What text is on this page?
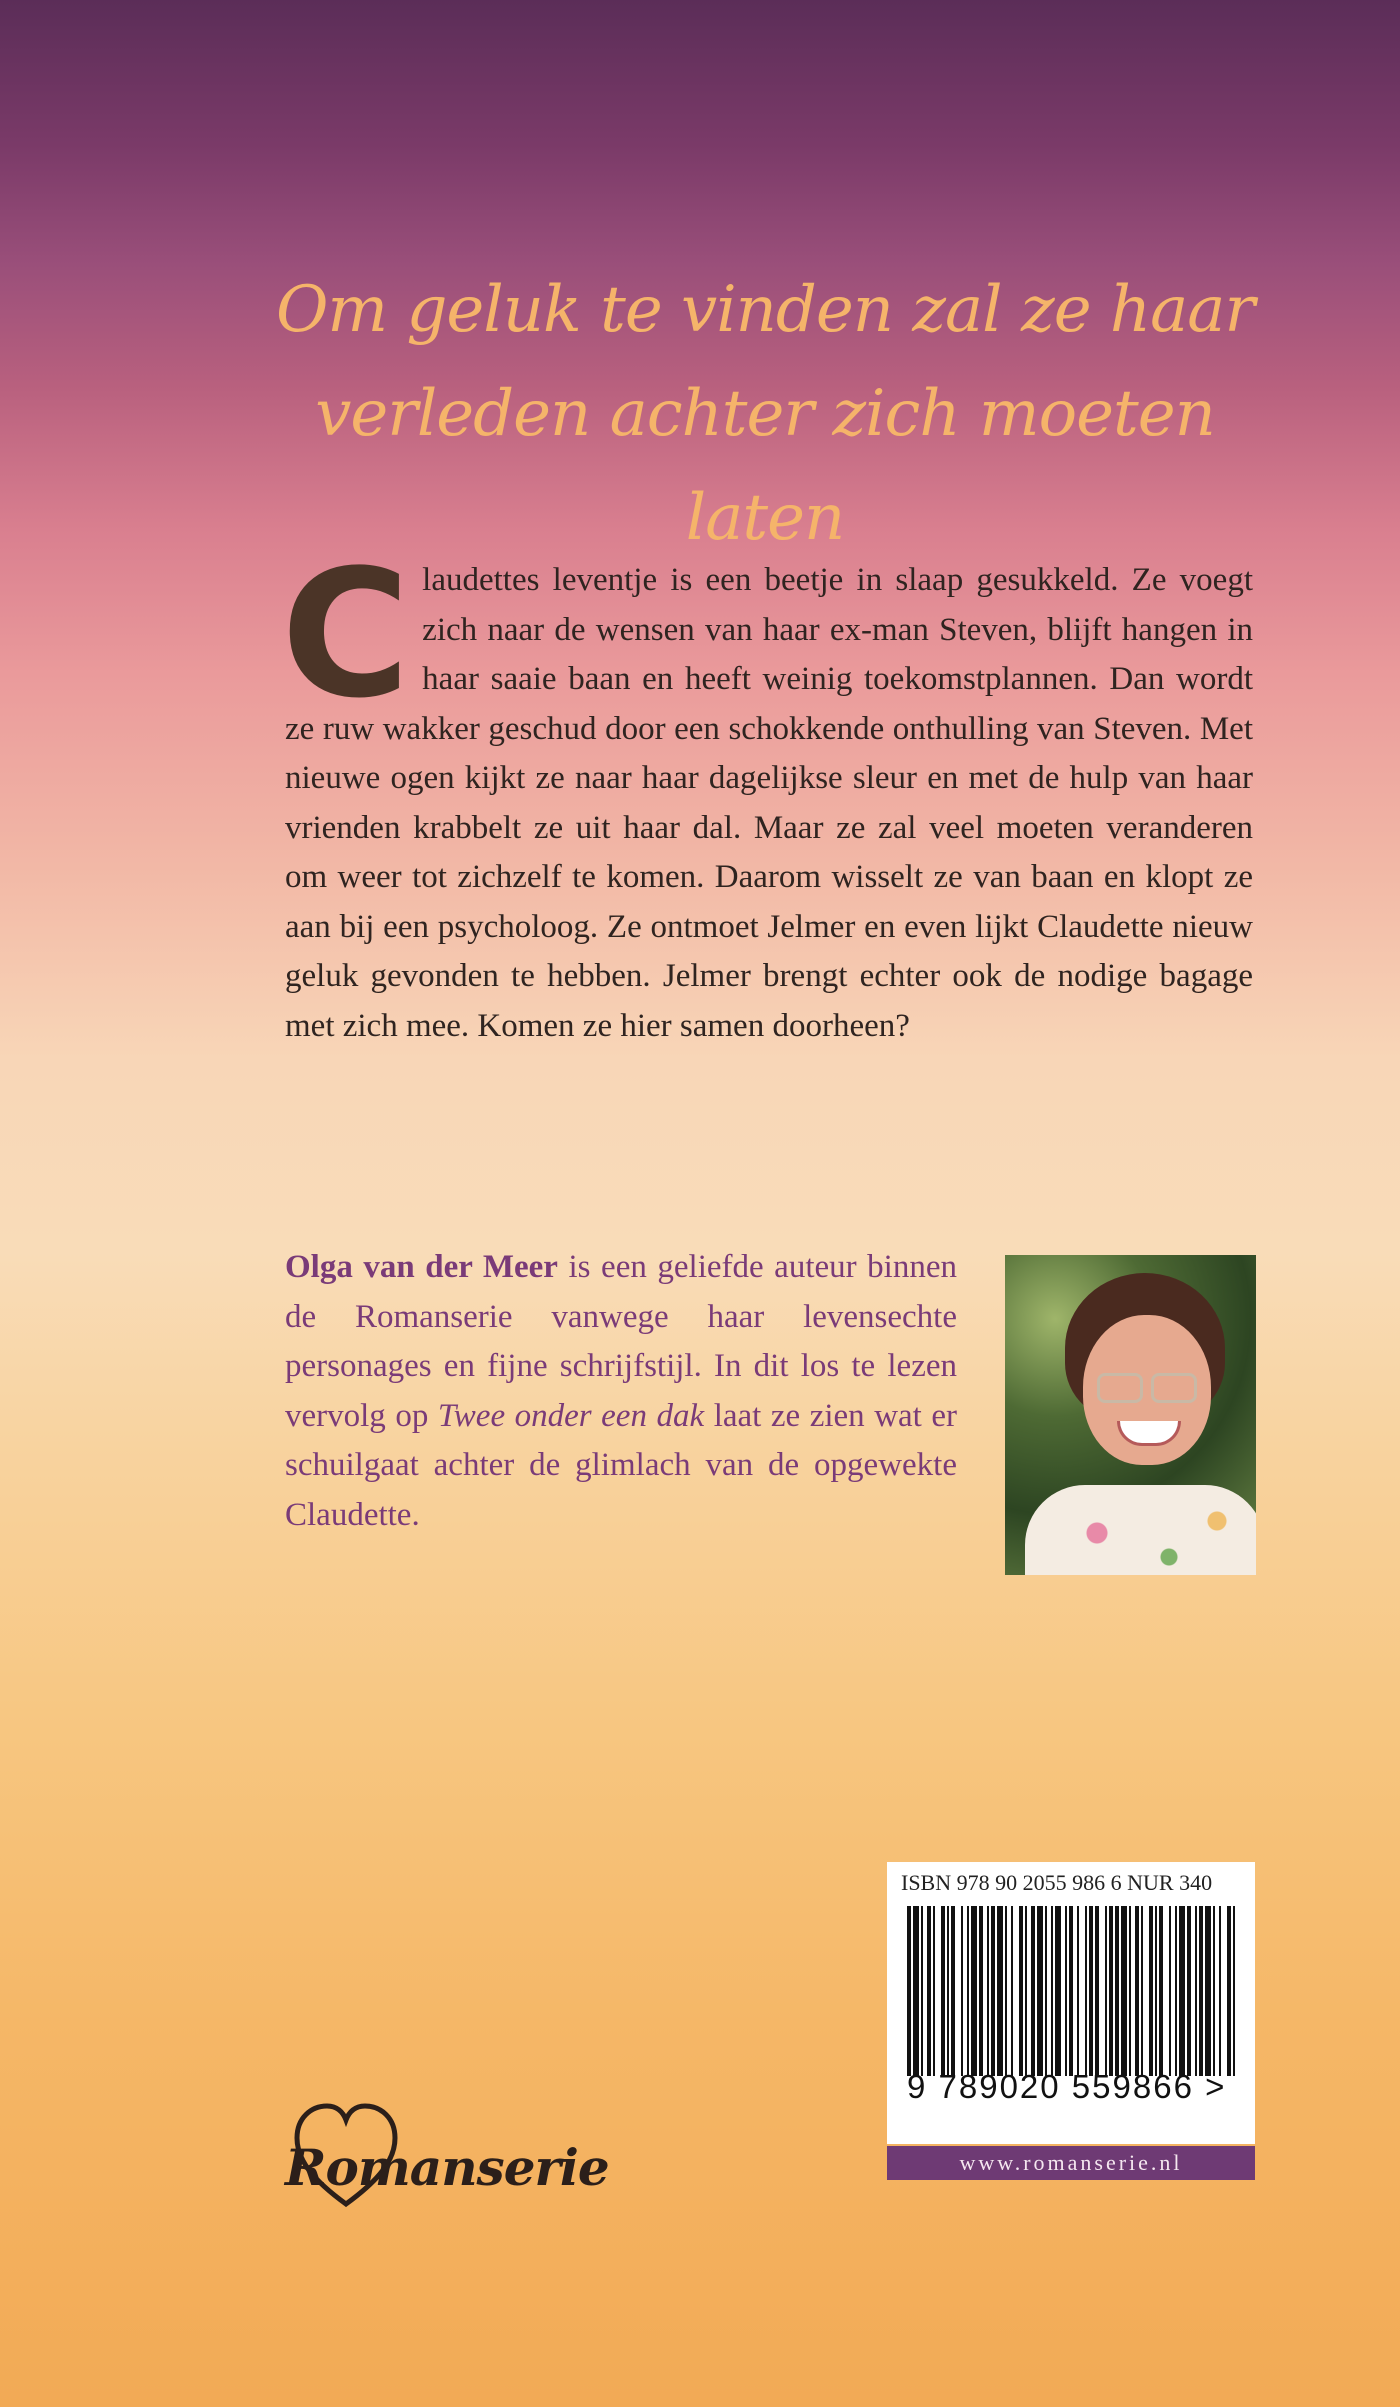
Om geluk te vinden zal ze haar
verleden achter zich moeten laten
Claudettes leventje is een beetje in slaap gesukkeld. Ze voegt zich naar de wensen van haar ex-man Steven, blijft hangen in haar saaie baan en heeft weinig toekomstplannen. Dan wordt ze ruw wakker geschud door een schokkende onthulling van Steven. Met nieuwe ogen kijkt ze naar haar dagelijkse sleur en met de hulp van haar vrienden krabbelt ze uit haar dal. Maar ze zal veel moeten veranderen om weer tot zichzelf te komen. Daarom wisselt ze van baan en klopt ze aan bij een psycholoog. Ze ontmoet Jelmer en even lijkt Claudette nieuw geluk gevonden te hebben. Jelmer brengt echter ook de nodige bagage met zich mee. Komen ze hier samen doorheen?
Olga van der Meer is een geliefde auteur binnen de Romanserie vanwege haar levensechte personages en fijne schrijfstijl. In dit los te lezen vervolg op Twee onder een dak laat ze zien wat er schuilgaat achter de glimlach van de opgewekte Claudette.
Romanserie
ISBN 978 90 2055 986 6 NUR 340
9 789020 559866 >
www.romanserie.nl
